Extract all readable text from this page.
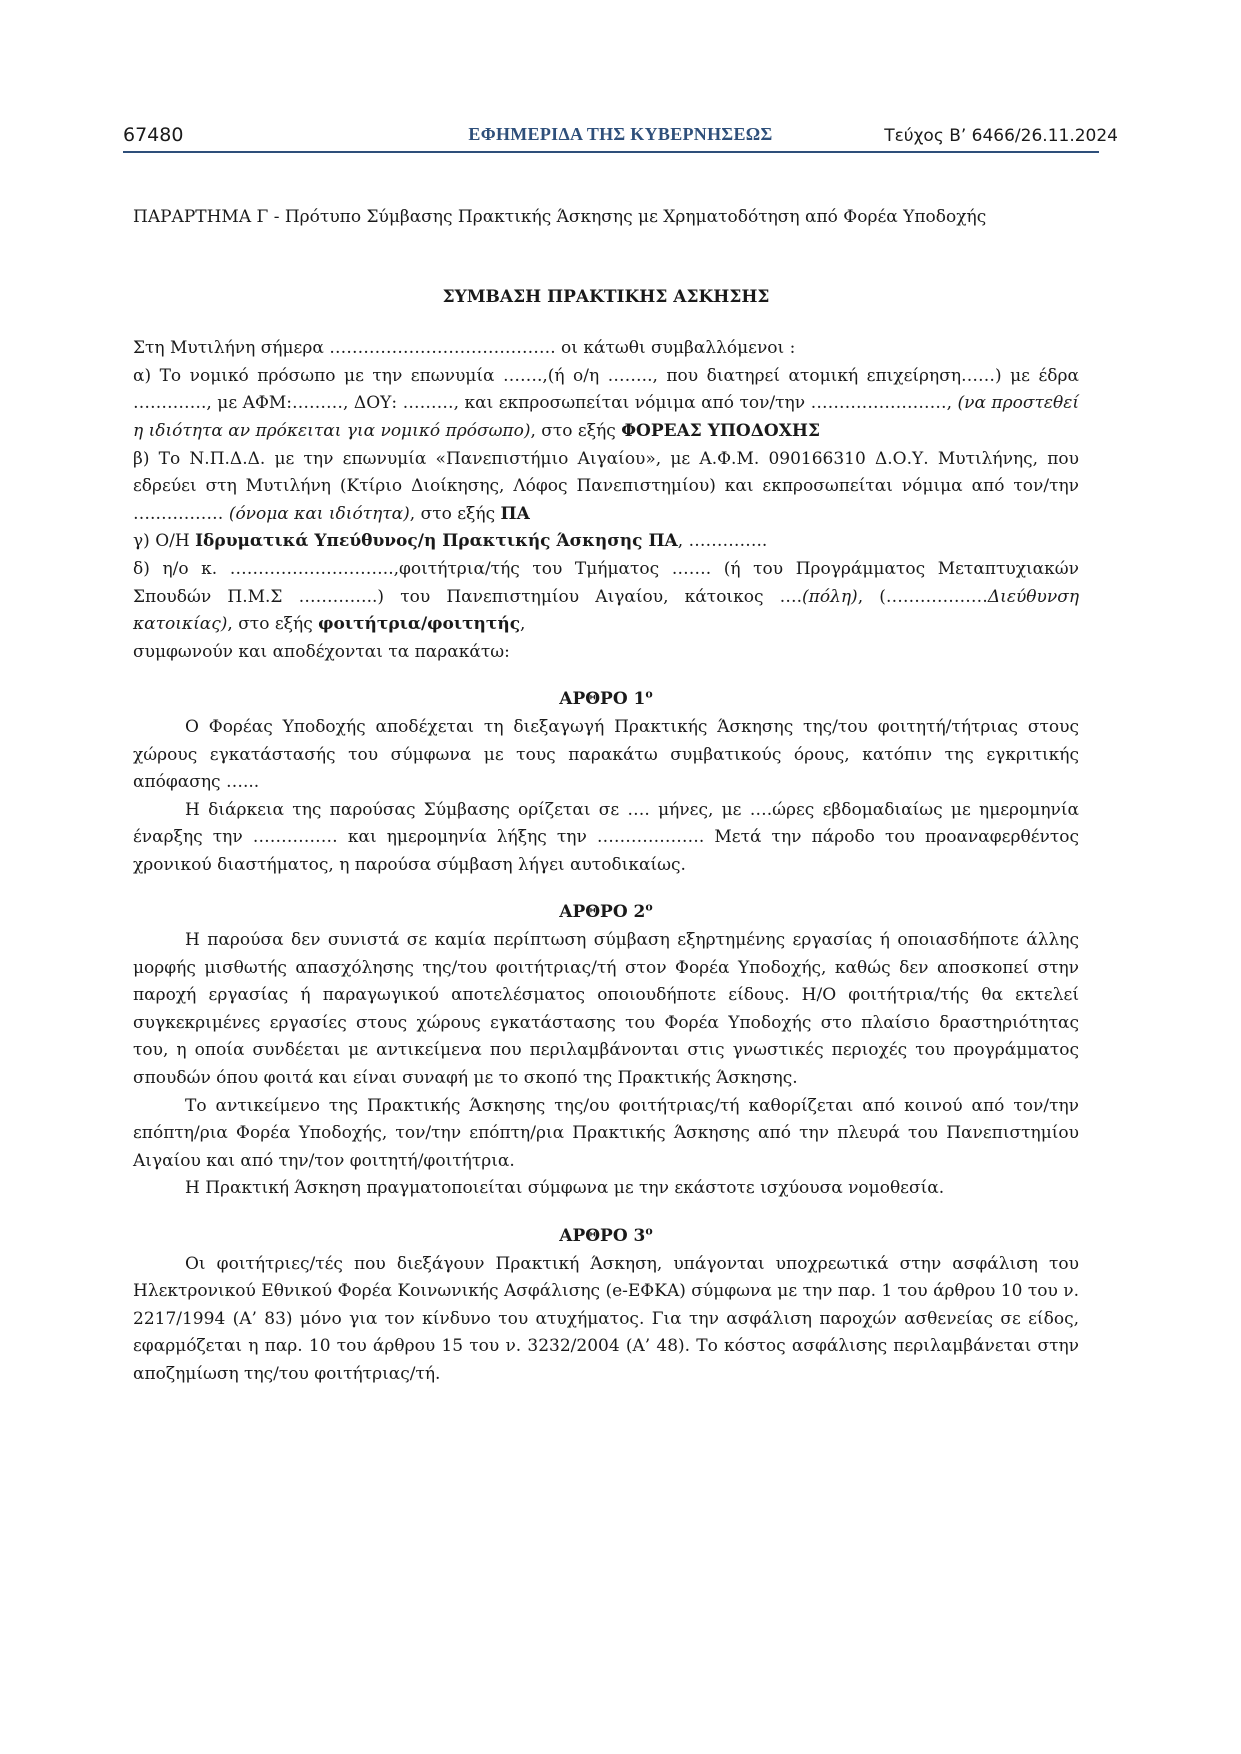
67480	ΕΦΗΜΕΡΙΔΑ ΤΗΣ ΚΥΒΕΡΝΗΣΕΩΣ	Τεύχος Β’ 6466/26.11.2024

ΠΑΡΑΡΤΗΜΑ Γ - Πρότυπο Σύμβασης Πρακτικής Άσκησης με Χρηματοδότηση από Φορέα Υποδοχής

ΣΥΜΒΑΣΗ ΠΡΑΚΤΙΚΗΣ ΑΣΚΗΣΗΣ

Στη Μυτιλήνη σήμερα …………………………………. οι κάτωθι συμβαλλόμενοι :

α) Το νομικό πρόσωπο με την επωνυμία …….,(ή ο/η …….., που διατηρεί ατομική επιχείρηση……) με έδρα …………., με ΑΦΜ:………, ΔΟΥ: ………, και εκπροσωπείται νόμιμα από τον/την ……………………, (να προστεθεί η ιδιότητα αν πρόκειται για νομικό πρόσωπο), στο εξής ΦΟΡΕΑΣ ΥΠΟΔΟΧΗΣ

β) Το Ν.Π.Δ.Δ. με την επωνυμία «Πανεπιστήμιο Αιγαίου», με Α.Φ.Μ. 090166310 Δ.Ο.Υ. Μυτιλήνης, που εδρεύει στη Μυτιλήνη (Κτίριο Διοίκησης, Λόφος Πανεπιστημίου) και εκπροσωπείται νόμιμα από τον/την ….………… (όνομα και ιδιότητα), στο εξής ΠΑ

γ) Ο/Η Ιδρυματικά Υπεύθυνος/η Πρακτικής Άσκησης ΠΑ, …………..

δ) η/ο κ. ………………………..,φοιτήτρια/τής του Τμήματος ……. (ή του Προγράμματος Μεταπτυχιακών Σπουδών Π.Μ.Σ …………..) του Πανεπιστημίου Αιγαίου, κάτοικος ….(πόλη), (………………Διεύθυνση κατοικίας), στο εξής φοιτήτρια/φοιτητής,

συμφωνούν και αποδέχονται τα παρακάτω:

ΑΡΘΡΟ $1^o$

Ο Φορέας Υποδοχής αποδέχεται τη διεξαγωγή Πρακτικής Άσκησης της/του φοιτητή/τήτριας στους χώρους εγκατάστασής του σύμφωνα με τους παρακάτω συμβατικούς όρους, κατόπιν της εγκριτικής απόφασης …...

Η διάρκεια της παρούσας Σύμβασης ορίζεται σε …. μήνες, με ….ώρες εβδομαδιαίως με ημερομηνία έναρξης την …………… και ημερομηνία λήξης την ………………. Μετά την πάροδο του προαναφερθέντος χρονικού διαστήματος, η παρούσα σύμβαση λήγει αυτοδικαίως.

ΑΡΘΡΟ $2^o$

Η παρούσα δεν συνιστά σε καμία περίπτωση σύμβαση εξηρτημένης εργασίας ή οποιασδήποτε άλλης μορφής μισθωτής απασχόλησης της/του φοιτήτριας/τή στον Φορέα Υποδοχής, καθώς δεν αποσκοπεί στην παροχή εργασίας ή παραγωγικού αποτελέσματος οποιουδήποτε είδους. Η/Ο φοιτήτρια/τής θα εκτελεί συγκεκριμένες εργασίες στους χώρους εγκατάστασης του Φορέα Υποδοχής στο πλαίσιο δραστηριότητας του, η οποία συνδέεται με αντικείμενα που περιλαμβάνονται στις γνωστικές περιοχές του προγράμματος σπουδών όπου φοιτά και είναι συναφή με το σκοπό της Πρακτικής Άσκησης.

Το αντικείμενο της Πρακτικής Άσκησης της/ου φοιτήτριας/τή καθορίζεται από κοινού από τον/την επόπτη/ρια Φορέα Υποδοχής, τον/την επόπτη/ρια Πρακτικής Άσκησης από την πλευρά του Πανεπιστημίου Αιγαίου και από την/τον φοιτητή/φοιτήτρια.

Η Πρακτική Άσκηση πραγματοποιείται σύμφωνα με την εκάστοτε ισχύουσα νομοθεσία.

ΑΡΘΡΟ $3^o$

Οι φοιτήτριες/τές που διεξάγουν Πρακτική Άσκηση, υπάγονται υποχρεωτικά στην ασφάλιση του Ηλεκτρονικού Εθνικού Φορέα Κοινωνικής Ασφάλισης (e-ΕΦΚΑ) σύμφωνα με την παρ. 1 του άρθρου 10 του ν. 2217/1994 (Α’ 83) μόνο για τον κίνδυνο του ατυχήματος. Για την ασφάλιση παροχών ασθενείας σε είδος, εφαρμόζεται η παρ. 10 του άρθρου 15 του ν. 3232/2004 (Α’ 48). Το κόστος ασφάλισης περιλαμβάνεται στην αποζημίωση της/του φοιτήτριας/τή.
